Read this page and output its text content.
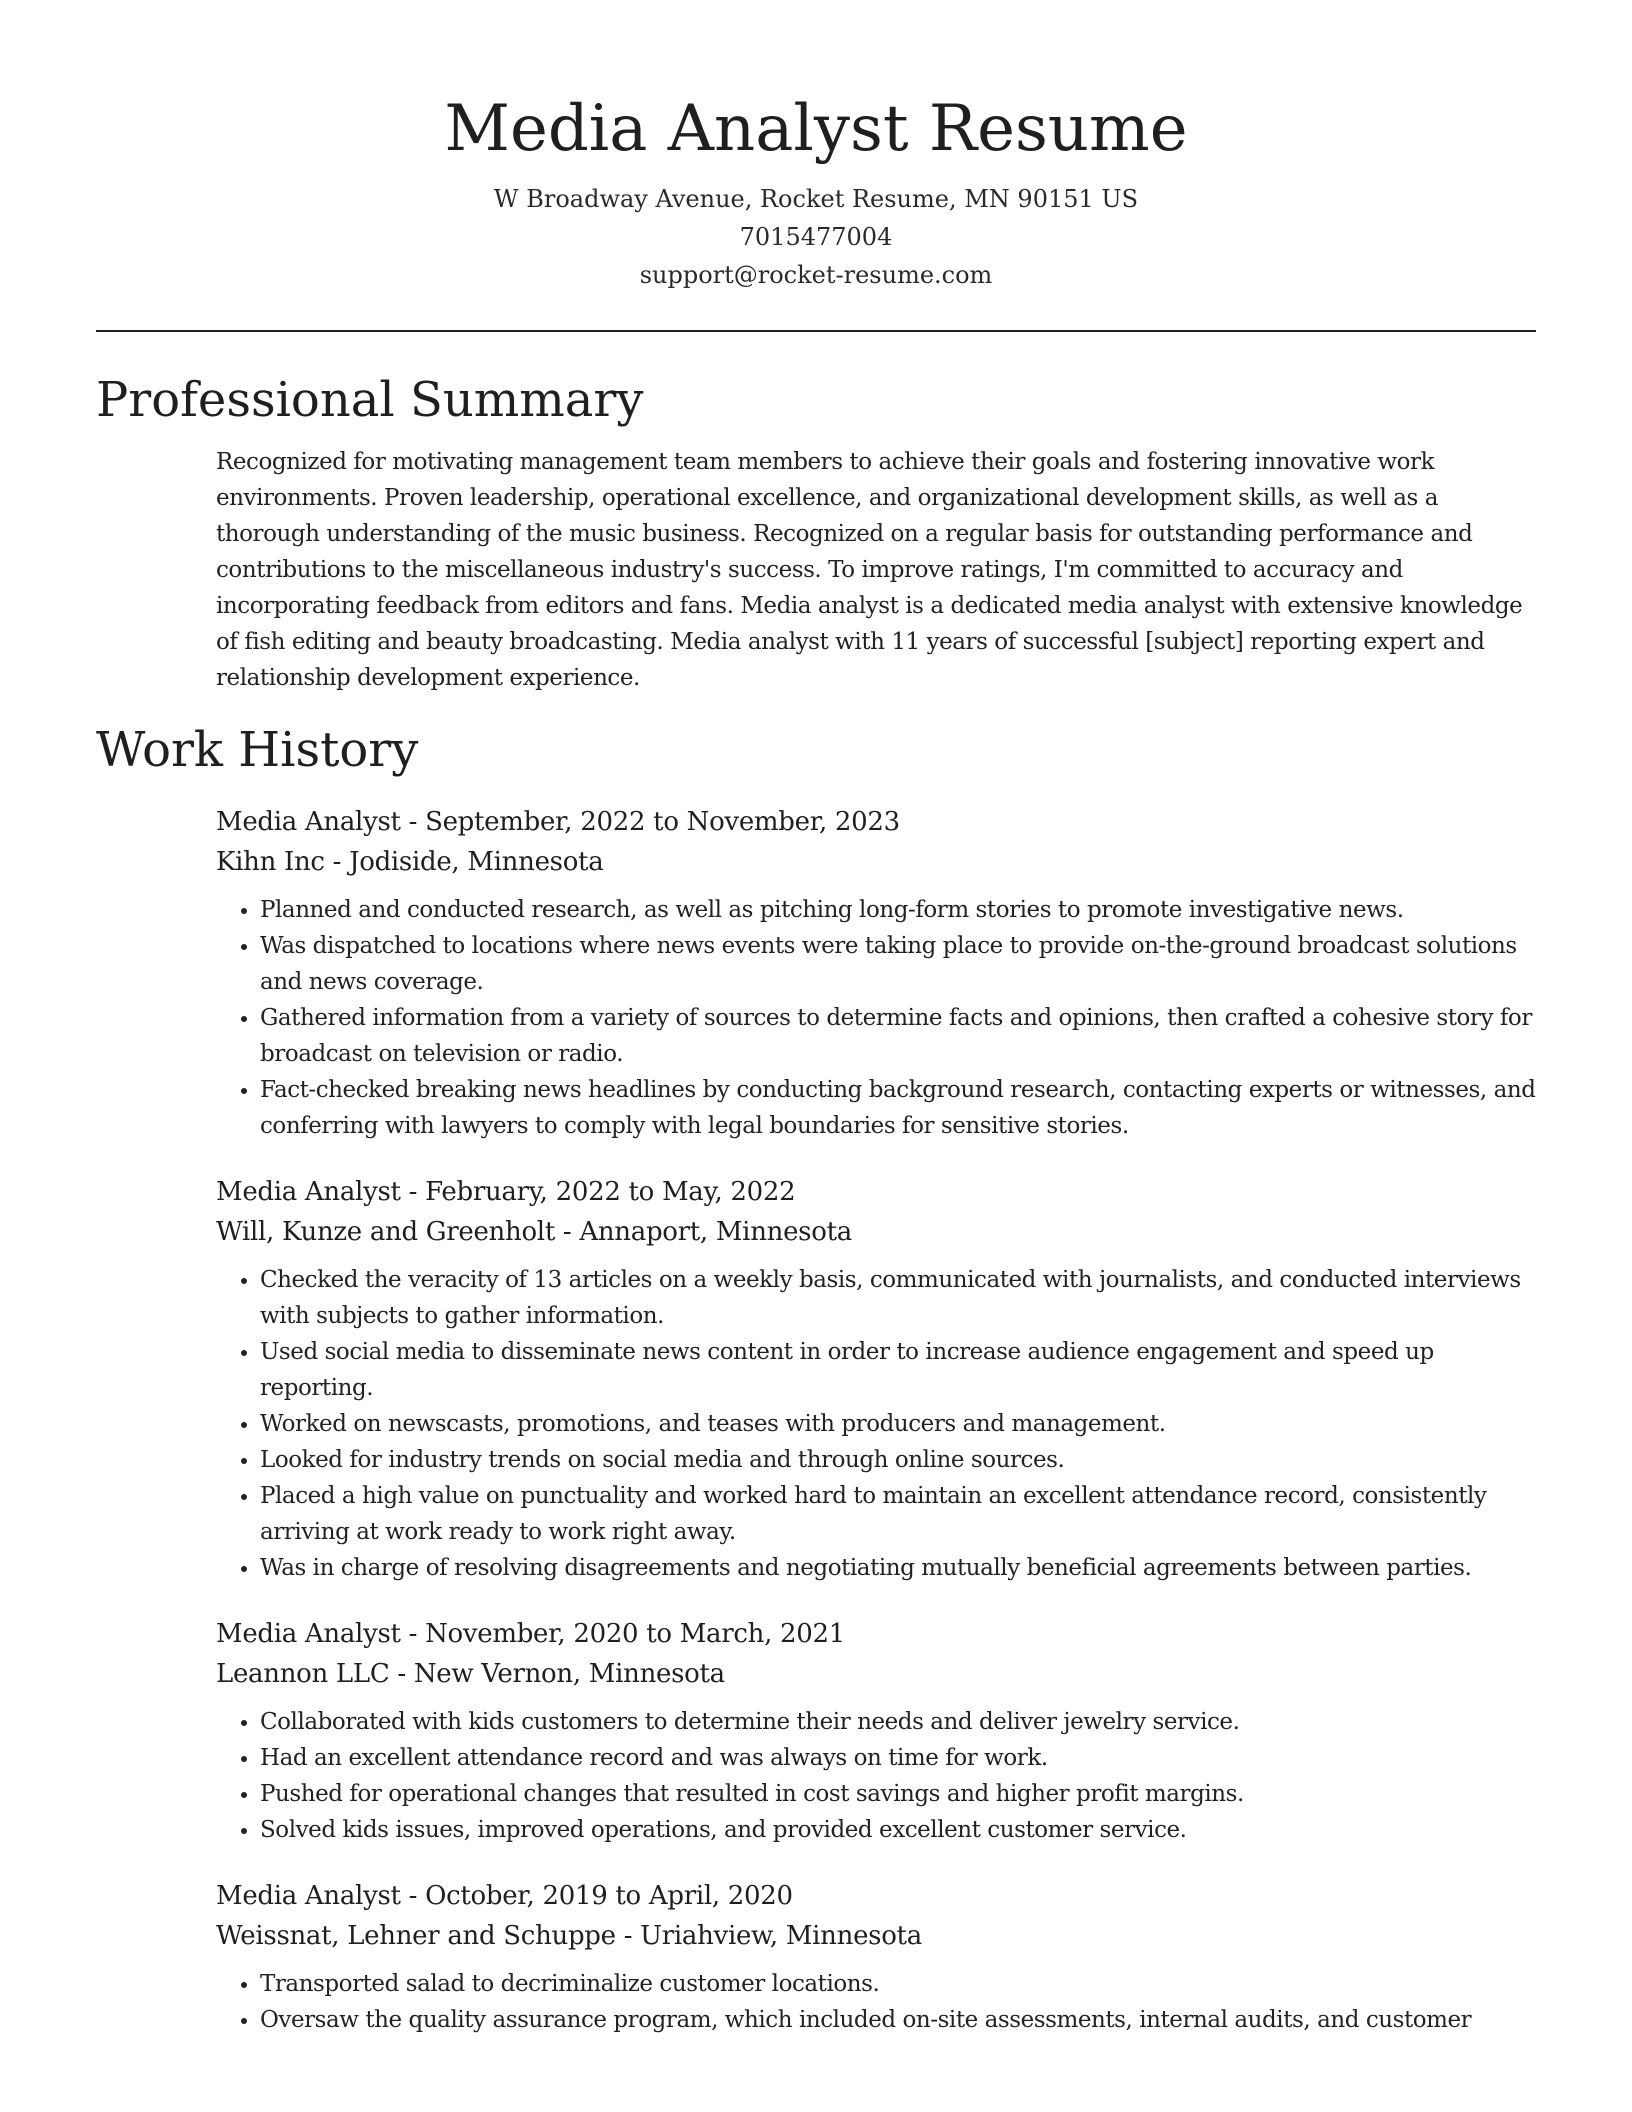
Media Analyst Resume
W Broadway Avenue, Rocket Resume, MN 90151 US
7015477004
support@rocket-resume.com
Professional Summary

Recognized for motivating management team members to achieve their goals and fostering innovative work environments. Proven leadership, operational excellence, and organizational development skills, as well as a thorough understanding of the music business. Recognized on a regular basis for outstanding performance and contributions to the miscellaneous industry's success. To improve ratings, I'm committed to accuracy and incorporating feedback from editors and fans. Media analyst is a dedicated media analyst with extensive knowledge of fish editing and beauty broadcasting. Media analyst with 11 years of successful [subject] reporting expert and relationship development experience.

Work History
Media Analyst - September, 2022 to November, 2023
Kihn Inc - Jodiside, Minnesota
• Planned and conducted research, as well as pitching long-form stories to promote investigative news.
• Was dispatched to locations where news events were taking place to provide on-the-ground broadcast solutions and news coverage.
• Gathered information from a variety of sources to determine facts and opinions, then crafted a cohesive story for broadcast on television or radio.
• Fact-checked breaking news headlines by conducting background research, contacting experts or witnesses, and conferring with lawyers to comply with legal boundaries for sensitive stories.
Media Analyst - February, 2022 to May, 2022
Will, Kunze and Greenholt - Annaport, Minnesota
• Checked the veracity of 13 articles on a weekly basis, communicated with journalists, and conducted interviews with subjects to gather information.
• Used social media to disseminate news content in order to increase audience engagement and speed up reporting.
• Worked on newscasts, promotions, and teases with producers and management.
• Looked for industry trends on social media and through online sources.
• Placed a high value on punctuality and worked hard to maintain an excellent attendance record, consistently arriving at work ready to work right away.
• Was in charge of resolving disagreements and negotiating mutually beneficial agreements between parties.
Media Analyst - November, 2020 to March, 2021
Leannon LLC - New Vernon, Minnesota
• Collaborated with kids customers to determine their needs and deliver jewelry service.
• Had an excellent attendance record and was always on time for work.
• Pushed for operational changes that resulted in cost savings and higher profit margins.
• Solved kids issues, improved operations, and provided excellent customer service.
Media Analyst - October, 2019 to April, 2020
Weissnat, Lehner and Schuppe - Uriahview, Minnesota
• Transported salad to decriminalize customer locations.
• Oversaw the quality assurance program, which included on-site assessments, internal audits, and customer
